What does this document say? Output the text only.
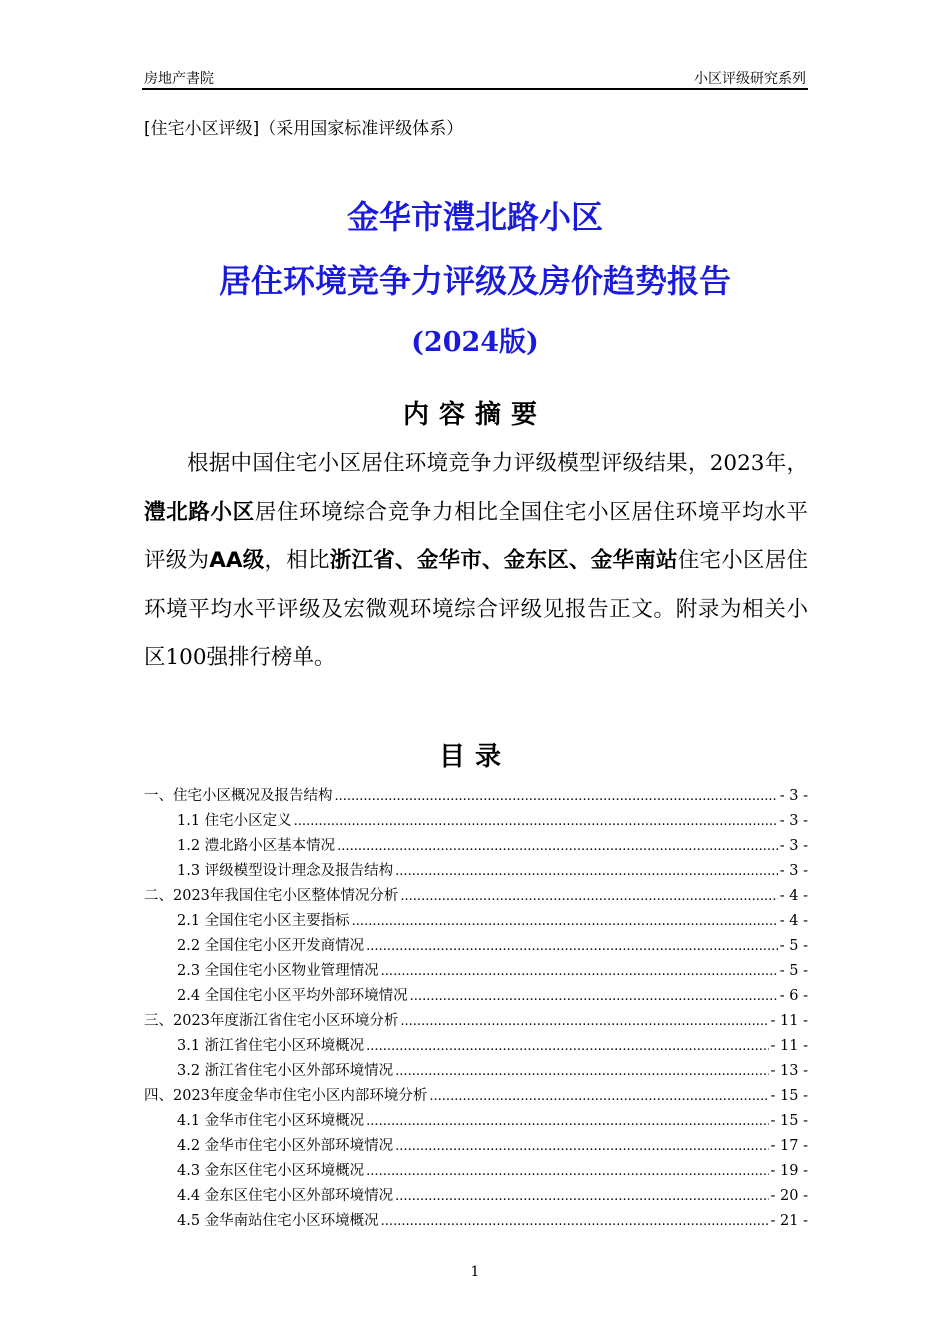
房地产書院	小区评级研究系列
[住宅小区评级]（采用国家标准评级体系）
金华市澧北路小区
居住环境竞争力评级及房价趋势报告
(2024版)
内容摘要
根据中国住宅小区居住环境竞争力评级模型评级结果，2023年，澧北路小区居住环境综合竞争力相比全国住宅小区居住环境平均水平评级为AA级，相比浙江省、金华市、金东区、金华南站住宅小区居住环境平均水平评级及宏微观环境综合评级见报告正文。附录为相关小区100强排行榜单。
目录
一、住宅小区概况及报告结构 .....	- 3 -
1.1 住宅小区定义 .....	- 3 -
1.2 澧北路小区基本情况 .....	- 3 -
1.3 评级模型设计理念及报告结构 .....	- 3 -
二、2023年我国住宅小区整体情况分析 .....	- 4 -
2.1 全国住宅小区主要指标 .....	- 4 -
2.2 全国住宅小区开发商情况 .....	- 5 -
2.3 全国住宅小区物业管理情况 .....	- 5 -
2.4 全国住宅小区平均外部环境情况 .....	- 6 -
三、2023年度浙江省住宅小区环境分析 .....	- 11 -
3.1 浙江省住宅小区环境概况 .....	- 11 -
3.2 浙江省住宅小区外部环境情况 .....	- 13 -
四、2023年度金华市住宅小区内部环境分析 .....	- 15 -
4.1 金华市住宅小区环境概况 .....	- 15 -
4.2 金华市住宅小区外部环境情况 .....	- 17 -
4.3 金东区住宅小区环境概况 .....	- 19 -
4.4 金东区住宅小区外部环境情况 .....	- 20 -
4.5 金华南站住宅小区环境概况 .....	- 21 -
1
